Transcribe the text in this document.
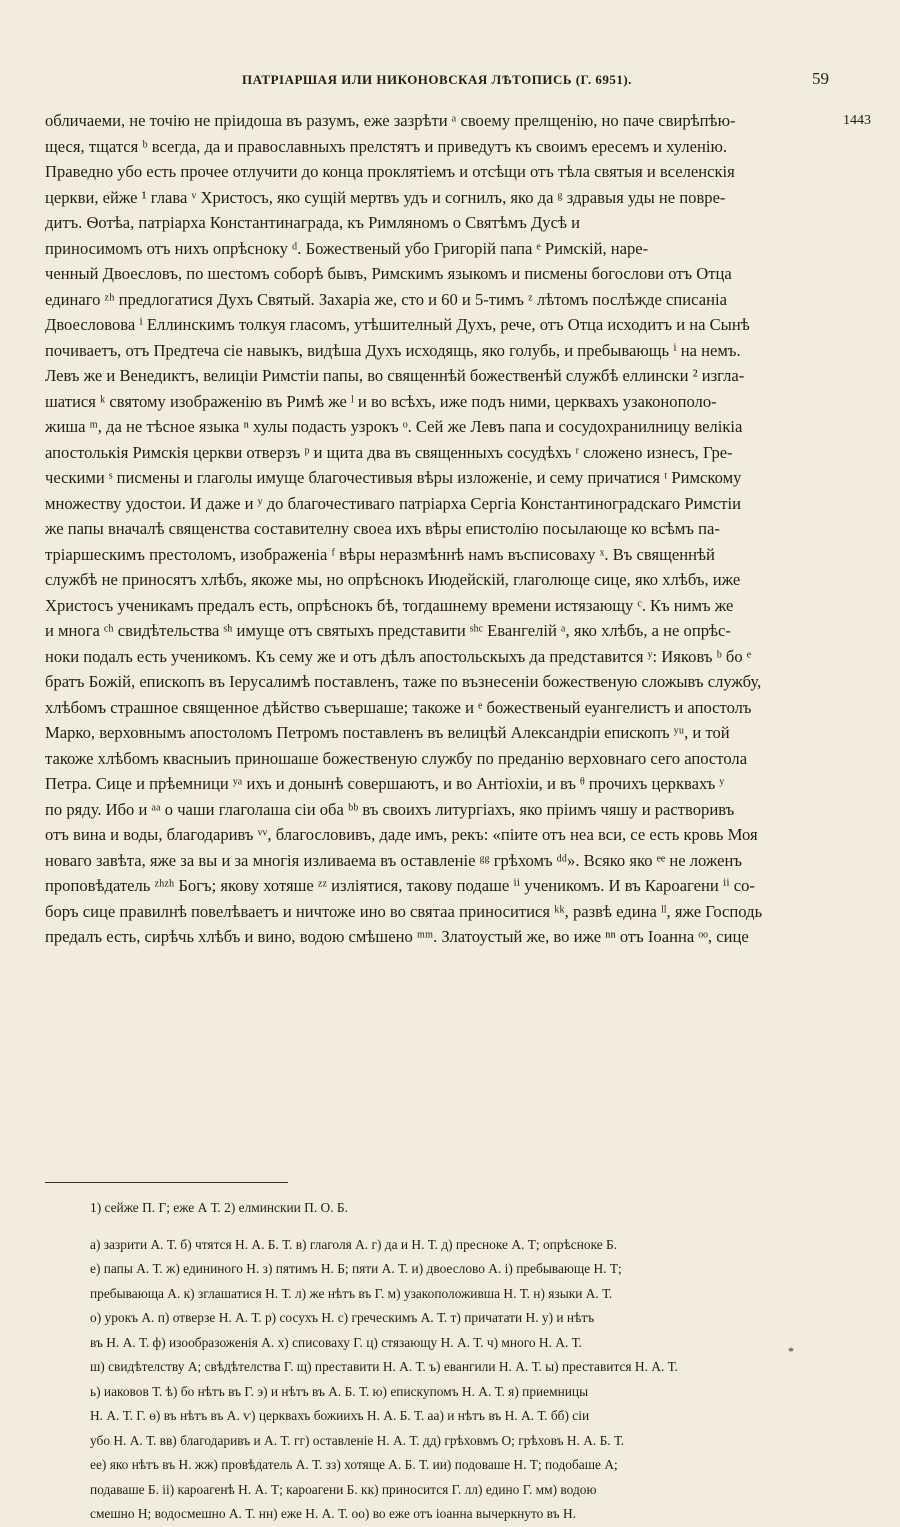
ПАТРІАРШАЯ ИЛИ НИКОНОВСКАЯ ЛѢТОПИСЬ (Г. 6951).	59
1443
обличаеми, не точію не пріидоша въ разумъ, еже зазрѣти ᵃ своему прелщенію, но паче свирѣпѣю-
щеся, тщатся ᵇ всегда, да и православныхъ прелстятъ и приведутъ къ своимъ ересемъ и хуленію.
Праведно убо есть прочее отлучити до конца проклятіемъ и отсѣщи отъ тѣла святыя и вселенскія
церкви, ейже ¹ глава ᵛ Христосъ, яко сущій мертвъ удъ и согнилъ, яко да ᵍ здравыя уды не повре-
дитъ. Ѳотѣа, патріарха Константинаграда, къ Римляномъ о Святѣмъ Дусѣ и
приносимомъ отъ нихъ опрѣсноку ᵈ. Божественый убо Григорій папа ᵉ Римскій, наре-
ченный Двоесловъ, по шестомъ соборѣ бывъ, Римскимъ языкомъ и писмены богослови отъ Отца
единаго ᶻʰ предлогатися Духъ Святый. Захаріа же, сто и 60 и 5-тимъ ᶻ лѣтомъ послѣжде списаніа
Двоесловова ⁱ Еллинскимъ толкуя гласомъ, утѣшителный Духъ, рече, отъ Отца исходитъ и на Сынѣ
почиваетъ, отъ Предтеча сіе навыкъ, видѣша Духъ исходящь, яко голубь, и пребывающь ⁱ на немъ.
Левъ же и Венедиктъ, велиціи Римстіи папы, во священнѣй божественѣй службѣ еллински ² изгла-
шатися ᵏ святому изображенію въ Римѣ же ˡ и во всѣхъ, иже подъ ними, церквахъ узаконополо-
жиша ᵐ, да не тѣсное языка ⁿ хулы подасть узрокъ ᵒ. Сей же Левъ папа и сосудохранилницу велікіа
апостолькія Римскія церкви отверзъ ᵖ и щита два въ священныхъ сосудѣхъ ʳ сложено изнесъ, Гре-
ческими ˢ писмены и глаголы имуще благочестивыя вѣры изложеніе, и сему причатися ᵗ Римскому
множеству удостои. И даже и ʸ до благочестиваго патріарха Сергіа Константиноградскаго Римстіи
же папы вначалѣ священства составителну своеа ихъ вѣры епистолію посылающе ко всѣмъ па-
тріаршескимъ престоломъ, изображеніа ᶠ вѣры неразмѣннѣ намъ въсписоваху ˣ. Въ священнѣй
службѣ не приносятъ хлѣбъ, якоже мы, но опрѣснокъ Июдейскій, глаголюще сице, яко хлѣбъ, иже
Христосъ ученикамъ предалъ есть, опрѣснокъ бѣ, тогдашнему времени истязающу ᶜ. Къ нимъ же
и многа ᶜʰ свидѣтельства ˢʰ имуще отъ святыхъ представити ˢʰᶜ Евангелій ᵃ, яко хлѣбъ, а не опрѣс-
ноки подалъ есть ученикомъ. Къ сему же и отъ дѣлъ апостольскыхъ да представится ʸ: Ияковъ ᵇ бо ᵉ
братъ Божій, епископъ въ Іерусалимѣ поставленъ, таже по възнесеніи божественую сложывъ службу,
хлѣбомъ страшное священное дѣйство съвершаше; такоже и ᵉ божественый еуангелистъ и апостолъ
Марко, верховнымъ апостоломъ Петромъ поставленъ въ велицѣй Александріи епископъ ʸᵘ, и той
такоже хлѣбомъ квасныиъ приношаше божественую службу по преданію верховнаго сего апостола
Петра. Сице и прѣемници ʸᵃ ихъ и донынѣ совершаютъ, и во Антіохіи, и въ ᶿ прочихъ церквахъ ʸ
по ряду. Ибо и ᵃᵃ о чаши глаголаша сіи оба ᵇᵇ въ своихъ литургіахъ, яко пріимъ чяшу и растворивъ
отъ вина и воды, благодаривъ ᵛᵛ, благословивъ, даде имъ, рекъ: «піите отъ неа вси, се есть кровь Моя
новаго завѣта, яже за вы и за многія изливаема въ оставленіе ᵍᵍ грѣхомъ ᵈᵈ». Всяко яко ᵉᵉ не ложенъ
проповѣдатель ᶻʰᶻʰ Богъ; якову хотяше ᶻᶻ изліятися, такову подаше ⁱⁱ ученикомъ. И въ Кароагени ⁱⁱ со-
боръ сице правилнѣ повелѣваетъ и ничтоже ино во святаа приноситися ᵏᵏ, развѣ едина ˡˡ, яже Господь
предалъ есть, сирѣчь хлѣбъ и вино, водою смѣшено ᵐᵐ. Златоустый же, во иже ⁿⁿ отъ Іоанна ᵒᵒ, сице
1) сейже П. Г; еже А Т. 2) елминскии П. О. Б.
а) зазрити А. Т. б) чтятся Н. А. Б. Т. в) глаголя А. г) да и Н. Т. д) пресноке А. Т; опрѣсноке Б.
е) папы А. Т. ж) едининого Н. з) пятимъ Н. Б; пяти А. Т. и) двоеслово А. і) пребывающе Н. Т;
пребывающа А. к) зглашатися Н. Т. л) же нѣтъ въ Г. м) узакоположивша Н. Т. н) языки А. Т.
о) урокъ А. п) отверзе Н. А. Т. р) сосухъ Н. с) греческимъ А. Т. т) причатати Н. у) и нѣтъ
въ Н. А. Т. ф) изообразоженія А. х) списоваху Г. ц) стязающу Н. А. Т. ч) много Н. А. Т.
ш) свидѣтелству А; свѣдѣтелства Г. щ) преставити Н. А. Т. ъ) евангили Н. А. Т. ы) преставится Н. А. Т.
ь) иаковов Т. ѣ) бо нѣтъ въ Г. э) и нѣтъ въ А. Б. Т. ю) епискупомъ Н. А. Т. я) приемницы
Н. А. Т. Г. ѳ) въ нѣтъ въ А. ѵ) церквахъ божиихъ Н. А. Б. Т. аа) и нѣтъ въ Н. А. Т. бб) сіи
убо Н. А. Т. вв) благодаривъ и А. Т. гг) оставленіе Н. А. Т. дд) грѣховмъ О; грѣховъ Н. А. Б. Т.
ее) яко нѣтъ въ Н. жж) провѣдатель А. Т. зз) хотяще А. Б. Т. ии) подоваше Н. Т; подобаше А;
подаваше Б. іі) кароагенѣ Н. А. Т; кароагени Б. кк) приносится Г. лл) едино Г. мм) водою
смешно Н; водосмешно А. Т. нн) еже Н. А. Т. оо) во еже отъ іоанна вычеркнуто въ Н.
*
